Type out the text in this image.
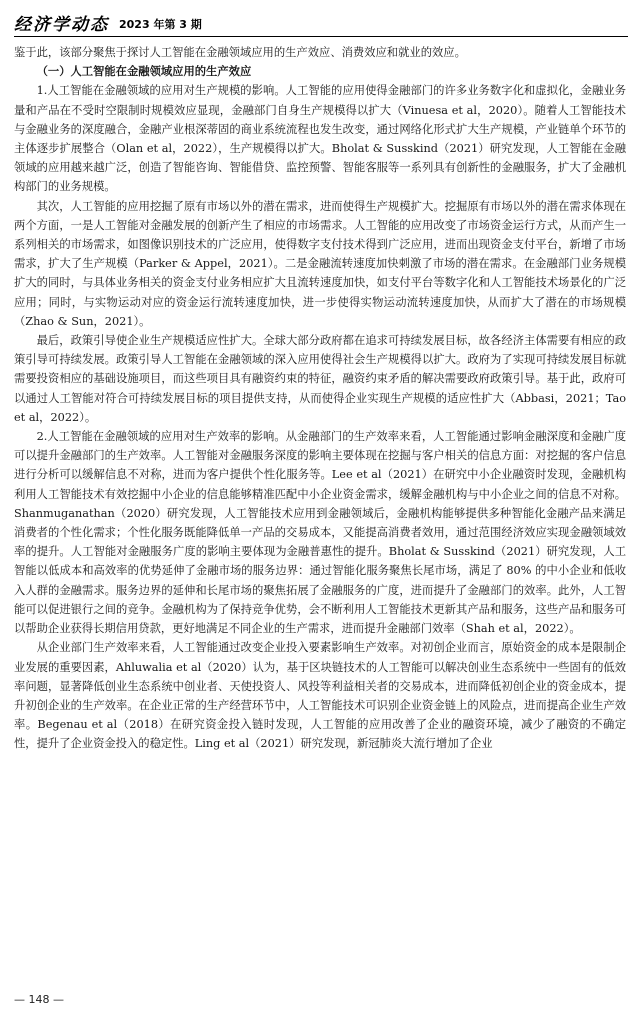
经济学动态 2023 年第 3 期

鉴于此，该部分聚焦于探讨人工智能在金融领域应用的生产效应、消费效应和就业的效应。

（一）人工智能在金融领域应用的生产效应

1.人工智能在金融领域的应用对生产规模的影响。人工智能的应用使得金融部门的许多业务数字化和虚拟化，金融业务量和产品在不受时空限制时规模效应显现，金融部门自身生产规模得以扩大（Vinuesa et al，2020）。随着人工智能技术与金融业务的深度融合，金融产业根深蒂固的商业系统流程也发生改变，通过网络化形式扩大生产规模，产业链单个环节的主体逐步扩展整合（Olan et al，2022），生产规模得以扩大。Bholat & Susskind（2021）研究发现，人工智能在金融领域的应用越来越广泛，创造了智能咨询、智能借贷、监控预警、智能客服等一系列具有创新性的金融服务，扩大了金融机构部门的业务规模。

其次，人工智能的应用挖掘了原有市场以外的潜在需求，进而使得生产规模扩大。挖掘原有市场以外的潜在需求体现在两个方面，一是人工智能对金融发展的创新产生了相应的市场需求。人工智能的应用改变了市场资金运行方式，从而产生一系列相关的市场需求，如图像识别技术的广泛应用，使得数字支付技术得到广泛应用，进而出现资金支付平台，新增了市场需求，扩大了生产规模（Parker & Appel，2021）。二是金融流转速度加快刺激了市场的潜在需求。在金融部门业务规模扩大的同时，与具体业务相关的资金支付业务相应扩大且流转速度加快，如支付平台等数字化和人工智能技术场景化的广泛应用；同时，与实物运动对应的资金运行流转速度加快，进一步使得实物运动流转速度加快，从而扩大了潜在的市场规模（Zhao & Sun，2021）。

最后，政策引导使企业生产规模适应性扩大。全球大部分政府都在追求可持续发展目标，故各经济主体需要有相应的政策引导可持续发展。政策引导人工智能在金融领域的深入应用使得社会生产规模得以扩大。政府为了实现可持续发展目标就需要投资相应的基础设施项目，而这些项目具有融资约束的特征，融资约束矛盾的解决需要政府政策引导。基于此，政府可以通过人工智能对符合可持续发展目标的项目提供支持，从而使得企业实现生产规模的适应性扩大（Abbasi，2021；Tao et al，2022）。

2.人工智能在金融领域的应用对生产效率的影响。从金融部门的生产效率来看，人工智能通过影响金融深度和金融广度可以提升金融部门的生产效率。人工智能对金融服务深度的影响主要体现在挖掘与客户相关的信息方面：对挖掘的客户信息进行分析可以缓解信息不对称，进而为客户提供个性化服务等。Lee et al（2021）在研究中小企业融资时发现，金融机构利用人工智能技术有效挖掘中小企业的信息能够精准匹配中小企业资金需求，缓解金融机构与中小企业之间的信息不对称。Shanmuganathan（2020）研究发现，人工智能技术应用到金融领域后，金融机构能够提供多种智能化金融产品来满足消费者的个性化需求；个性化服务既能降低单一产品的交易成本，又能提高消费者效用，通过范围经济效应实现金融领域效率的提升。人工智能对金融服务广度的影响主要体现为金融普惠性的提升。Bholat & Susskind（2021）研究发现，人工智能以低成本和高效率的优势延伸了金融市场的服务边界：通过智能化服务聚焦长尾市场，满足了 80% 的中小企业和低收入人群的金融需求。服务边界的延伸和长尾市场的聚焦拓展了金融服务的广度，进而提升了金融部门的效率。此外，人工智能可以促进银行之间的竞争。金融机构为了保持竞争优势，会不断利用人工智能技术更新其产品和服务，这些产品和服务可以帮助企业获得长期信用贷款，更好地满足不同企业的生产需求，进而提升金融部门效率（Shah et al，2022）。

从企业部门生产效率来看，人工智能通过改变企业投入要素影响生产效率。对初创企业而言，原始资金的成本是限制企业发展的重要因素，Ahluwalia et al（2020）认为，基于区块链技术的人工智能可以解决创业生态系统中一些固有的低效率问题，显著降低创业生态系统中创业者、天使投资人、风投等利益相关者的交易成本，进而降低初创企业的资金成本，提升初创企业的生产效率。在企业正常的生产经营环节中，人工智能技术可识别企业资金链上的风险点，进而提高企业生产效率。Begenau et al（2018）在研究资金投入链时发现，人工智能的应用改善了企业的融资环境，减少了融资的不确定性，提升了企业资金投入的稳定性。Ling et al（2021）研究发现，新冠肺炎大流行增加了企业

— 148 —
